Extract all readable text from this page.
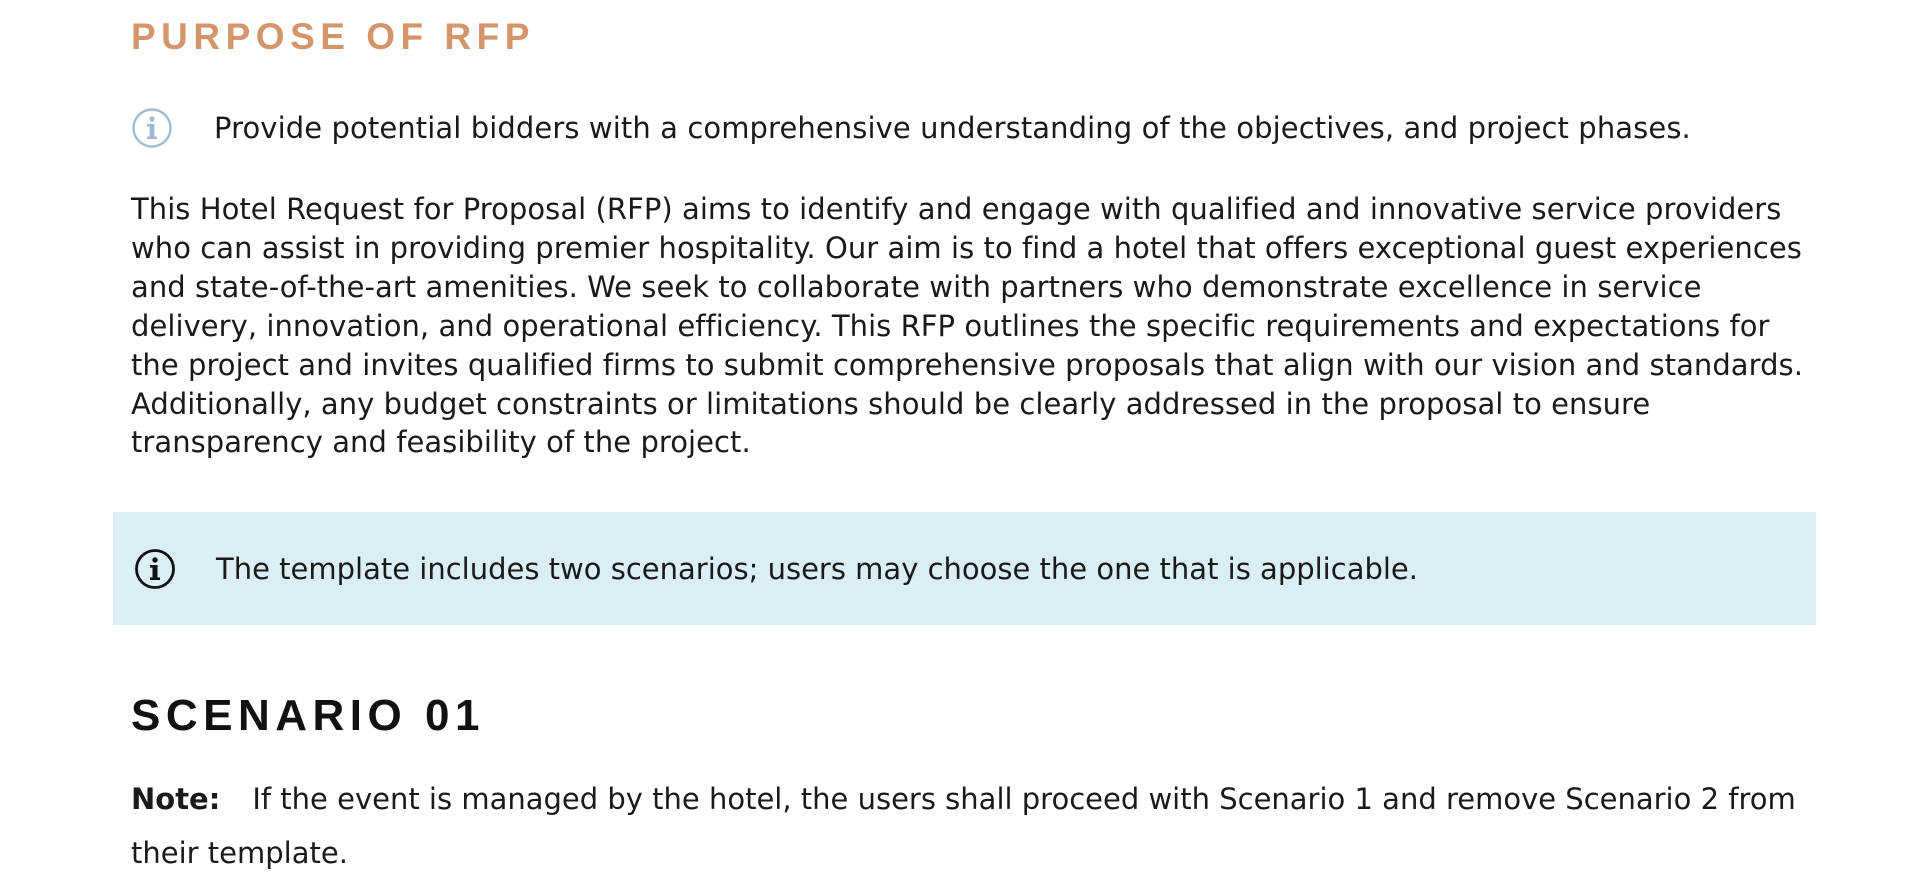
PURPOSE OF RFP
Provide potential bidders with a comprehensive understanding of the objectives, and project phases.

This Hotel Request for Proposal (RFP) aims to identify and engage with qualified and innovative service providers who can assist in providing premier hospitality. Our aim is to find a hotel that offers exceptional guest experiences and state-of-the-art amenities. We seek to collaborate with partners who demonstrate excellence in service delivery, innovation, and operational efficiency. This RFP outlines the specific requirements and expectations for the project and invites qualified firms to submit comprehensive proposals that align with our vision and standards. Additionally, any budget constraints or limitations should be clearly addressed in the proposal to ensure transparency and feasibility of the project.

The template includes two scenarios; users may choose the one that is applicable.
SCENARIO 01

Note: If the event is managed by the hotel, the users shall proceed with Scenario 1 and remove Scenario 2 from their template.
